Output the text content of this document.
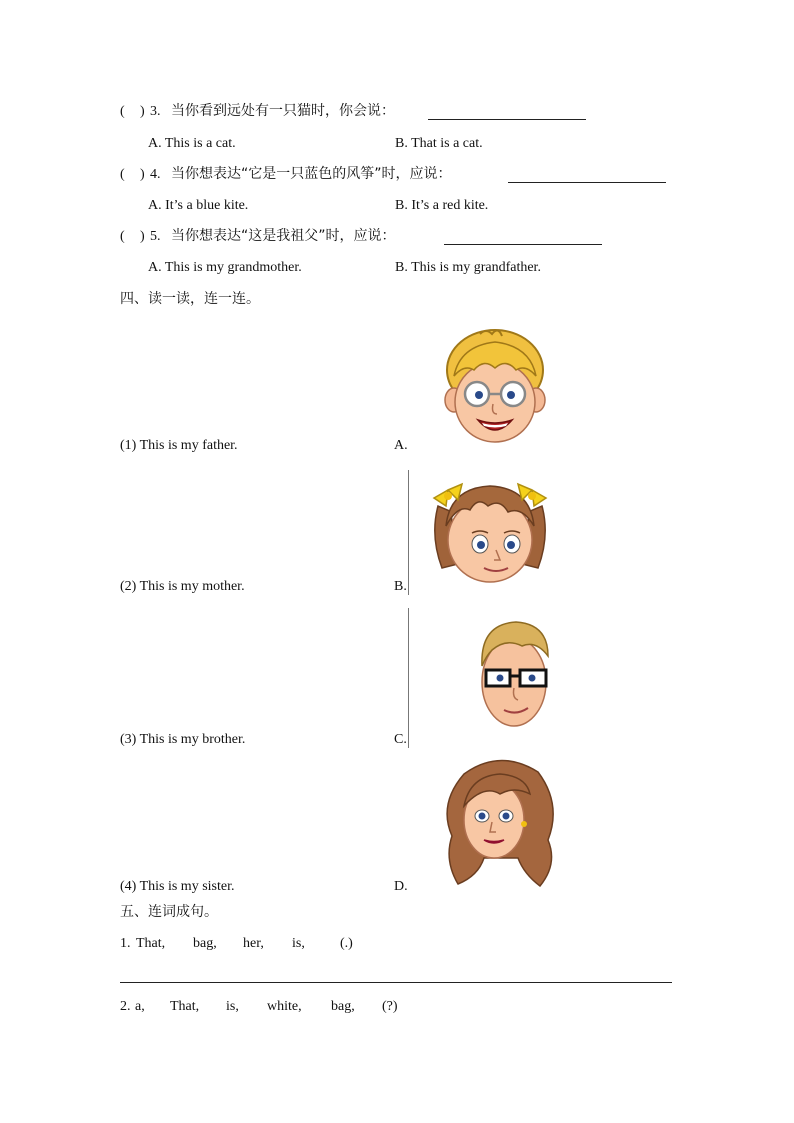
( ) 3. 当你看到远处有一只猫时，你会说：
A. This is a cat.	B. That is a cat.
( ) 4. 当你想表达“它是一只蓝色的风筝”时，应说：
A. It’s a blue kite.	B. It’s a red kite.
( ) 5. 当你想表达“这是我祖父”时，应说：
A. This is my grandmother.	B. This is my grandfather.
四、读一读，连一连。
(1) This is my father.	A.
(2) This is my mother.	B.
(3) This is my brother.	C.
(4) This is my sister.	D.
五、连词成句。
1. That, bag, her, is,	(.)
2. a, That, is, white, bag, (?)
